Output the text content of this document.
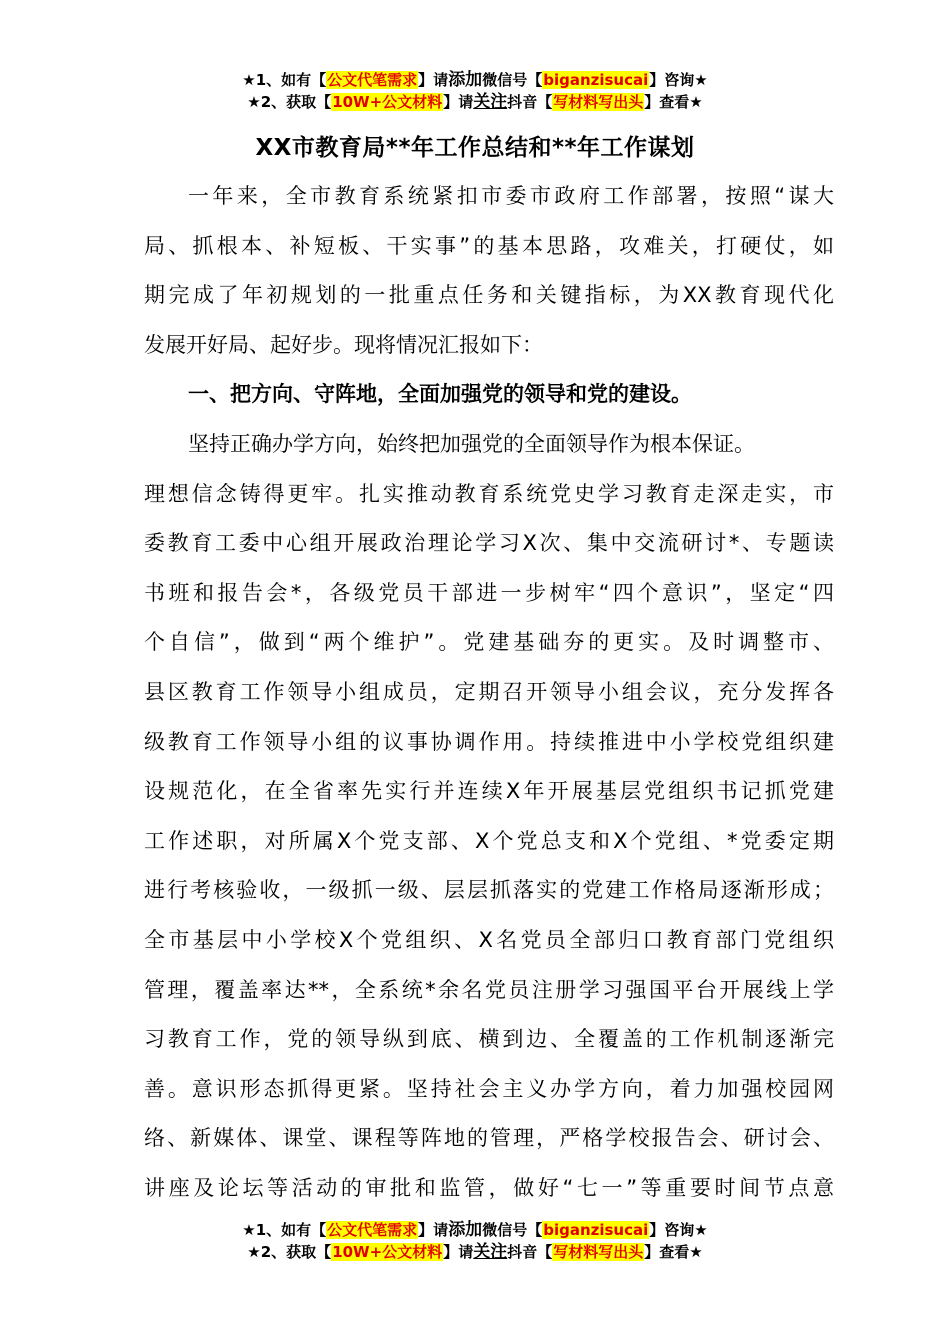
★1、如有【公文代笔需求】请添加微信号【biganzisucai】咨询★
★2、获取【10W+公文材料】请关注抖音【写材料写出头】查看★
XX市教育局**年工作总结和**年工作谋划
一年来，全市教育系统紧扣市委市政府工作部署，按照“谋大
局、抓根本、补短板、干实事”的基本思路，攻难关，打硬仗，如
期完成了年初规划的一批重点任务和关键指标，为XX教育现代化
发展开好局、起好步。现将情况汇报如下：
一、把方向、守阵地，全面加强党的领导和党的建设。
坚持正确办学方向，始终把加强党的全面领导作为根本保证。
理想信念铸得更牢。扎实推动教育系统党史学习教育走深走实，市
委教育工委中心组开展政治理论学习X次、集中交流研讨*、专题读
书班和报告会*，各级党员干部进一步树牢“四个意识”，坚定“四
个自信”，做到“两个维护”。党建基础夯的更实。及时调整市、
县区教育工作领导小组成员，定期召开领导小组会议，充分发挥各
级教育工作领导小组的议事协调作用。持续推进中小学校党组织建
设规范化，在全省率先实行并连续X年开展基层党组织书记抓党建
工作述职，对所属X个党支部、X个党总支和X个党组、*党委定期
进行考核验收，一级抓一级、层层抓落实的党建工作格局逐渐形成；
全市基层中小学校X个党组织、X名党员全部归口教育部门党组织
管理，覆盖率达**，全系统*余名党员注册学习强国平台开展线上学
习教育工作，党的领导纵到底、横到边、全覆盖的工作机制逐渐完
善。意识形态抓得更紧。坚持社会主义办学方向，着力加强校园网
络、新媒体、课堂、课程等阵地的管理，严格学校报告会、研讨会、
讲座及论坛等活动的审批和监管，做好“七一”等重要时间节点意
★1、如有【公文代笔需求】请添加微信号【biganzisucai】咨询★
★2、获取【10W+公文材料】请关注抖音【写材料写出头】查看★
